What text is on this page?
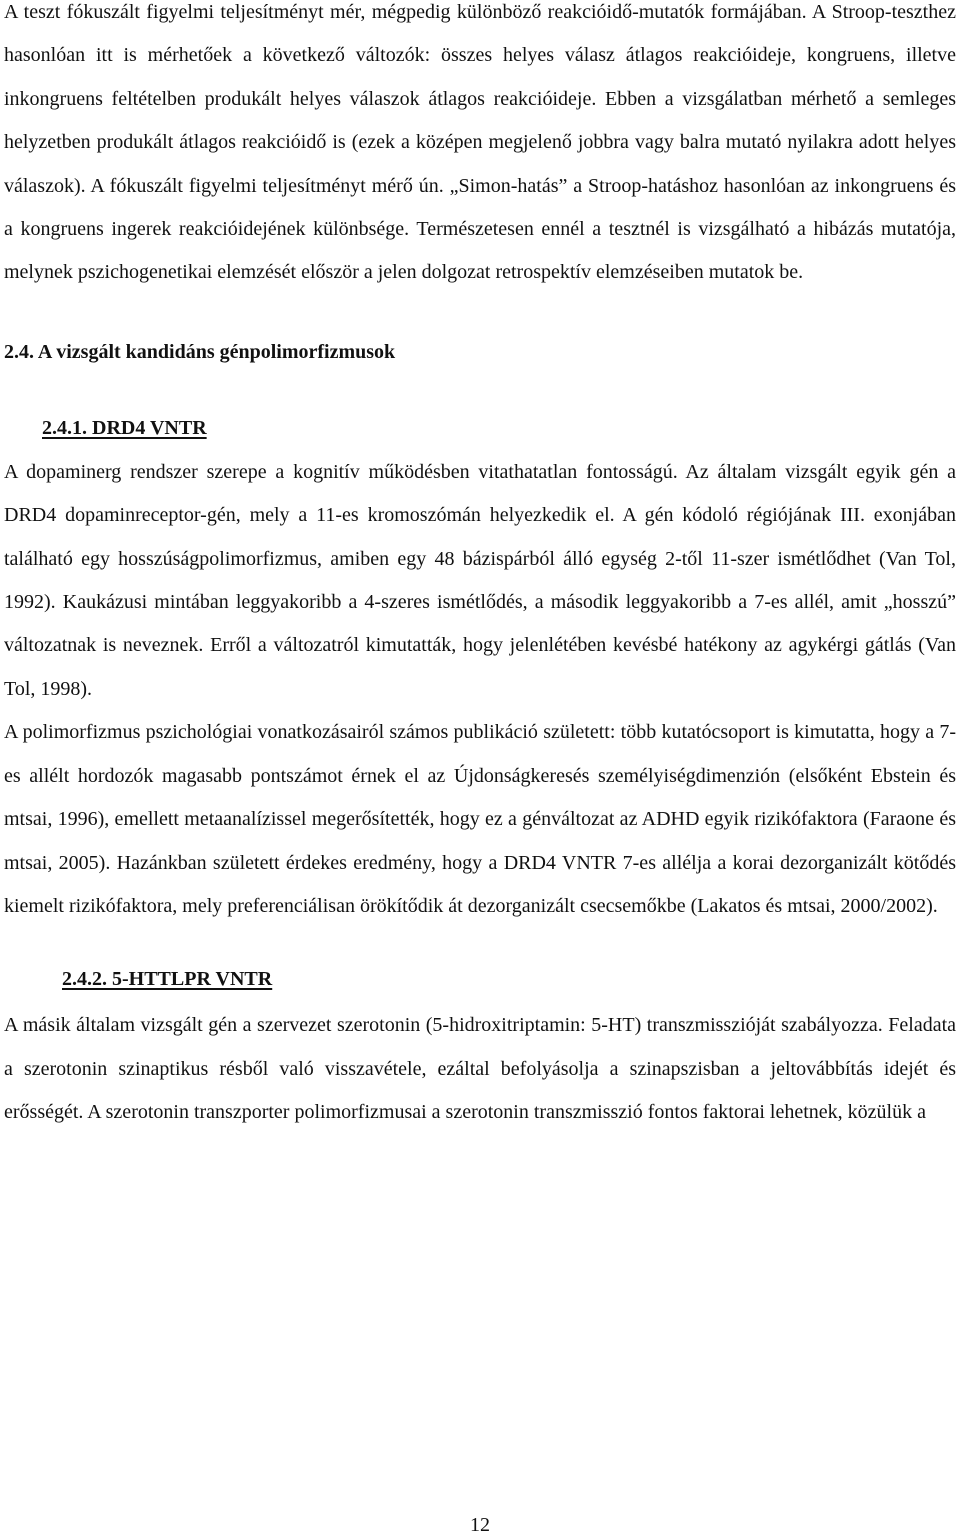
A teszt fókuszált figyelmi teljesítményt mér, mégpedig különböző reakcióidő-mutatók formájában. A Stroop-teszthez hasonlóan itt is mérhetőek a következő változók: összes helyes válasz átlagos reakcióideje, kongruens, illetve inkongruens feltételben produkált helyes válaszok átlagos reakcióideje. Ebben a vizsgálatban mérhető a semleges helyzetben produkált átlagos reakcióidő is (ezek a középen megjelenő jobbra vagy balra mutató nyilakra adott helyes válaszok). A fókuszált figyelmi teljesítményt mérő ún. „Simon-hatás” a Stroop-hatáshoz hasonlóan az inkongruens és a kongruens ingerek reakcióidejének különbsége. Természetesen ennél a tesztnél is vizsgálható a hibázás mutatója, melynek pszichogenetikai elemzését először a jelen dolgozat retrospektív elemzéseiben mutatok be.

2.4. A vizsgált kandidáns génpolimorfizmusok
2.4.1. DRD4 VNTR

A dopaminerg rendszer szerepe a kognitív működésben vitathatatlan fontosságú. Az általam vizsgált egyik gén a DRD4 dopaminreceptor-gén, mely a 11-es kromoszómán helyezkedik el. A gén kódoló régiójának III. exonjában található egy hosszúságpolimorfizmus, amiben egy 48 bázispárból álló egység 2-től 11-szer ismétlődhet (Van Tol, 1992). Kaukázusi mintában leggyakoribb a 4-szeres ismétlődés, a második leggyakoribb a 7-es allél, amit „hosszú” változatnak is neveznek. Erről a változatról kimutatták, hogy jelenlétében kevésbé hatékony az agykérgi gátlás (Van Tol, 1998).

A polimorfizmus pszichológiai vonatkozásairól számos publikáció született: több kutatócsoport is kimutatta, hogy a 7-es allélt hordozók magasabb pontszámot érnek el az Újdonságkeresés személyiségdimenzión (elsőként Ebstein és mtsai, 1996), emellett metaanalízissel megerősítették, hogy ez a génváltozat az ADHD egyik rizikófaktora (Faraone és mtsai, 2005). Hazánkban született érdekes eredmény, hogy a DRD4 VNTR 7-es allélja a korai dezorganizált kötődés kiemelt rizikófaktora, mely preferenciálisan örökítődik át dezorganizált csecsemőkbe (Lakatos és mtsai, 2000/2002).

2.4.2. 5-HTTLPR VNTR

A másik általam vizsgált gén a szervezet szerotonin (5-hidroxitriptamin: 5-HT) transzmisszióját szabályozza. Feladata a szerotonin szinaptikus résből való visszavétele, ezáltal befolyásolja a szinapszisban a jeltovábbítás idejét és erősségét. A szerotonin transzporter polimorfizmusai a szerotonin transzmisszió fontos faktorai lehetnek, közülük a

12
